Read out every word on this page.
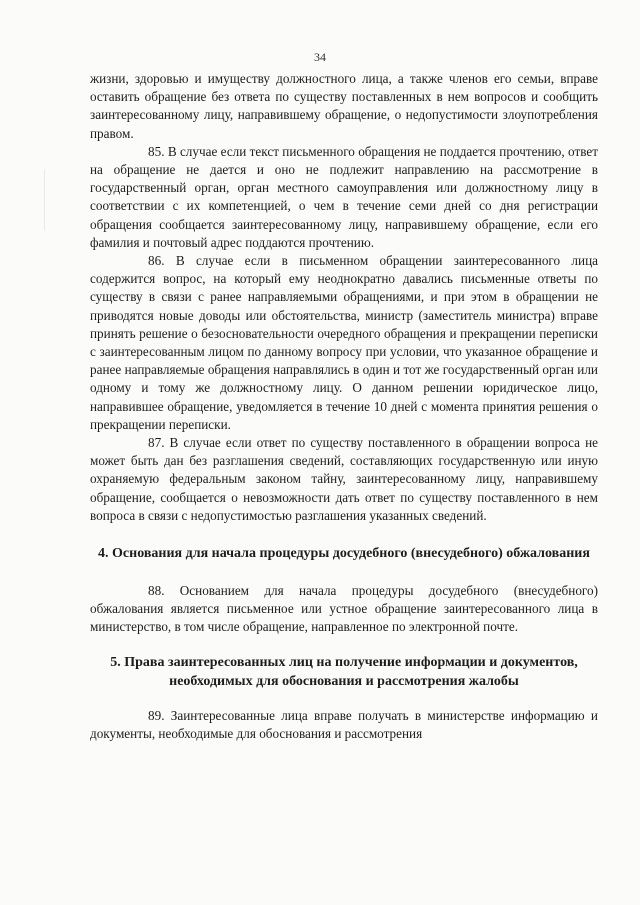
34

жизни, здоровью и имуществу должностного лица, а также членов его семьи, вправе оставить обращение без ответа по существу поставленных в нем вопросов и сообщить заинтересованному лицу, направившему обращение, о недопустимости злоупотребления правом.

85. В случае если текст письменного обращения не поддается прочтению, ответ на обращение не дается и оно не подлежит направлению на рассмотрение в государственный орган, орган местного самоуправления или должностному лицу в соответствии с их компетенцией, о чем в течение семи дней со дня регистрации обращения сообщается заинтересованному лицу, направившему обращение, если его фамилия и почтовый адрес поддаются прочтению.

86. В случае если в письменном обращении заинтересованного лица содержится вопрос, на который ему неоднократно давались письменные ответы по существу в связи с ранее направляемыми обращениями, и при этом в обращении не приводятся новые доводы или обстоятельства, министр (заместитель министра) вправе принять решение о безосновательности очередного обращения и прекращении переписки с заинтересованным лицом по данному вопросу при условии, что указанное обращение и ранее направляемые обращения направлялись в один и тот же государственный орган или одному и тому же должностному лицу. О данном решении юридическое лицо, направившее обращение, уведомляется в течение 10 дней с момента принятия решения о прекращении переписки.

87. В случае если ответ по существу поставленного в обращении вопроса не может быть дан без разглашения сведений, составляющих государственную или иную охраняемую федеральным законом тайну, заинтересованному лицу, направившему обращение, сообщается о невозможности дать ответ по существу поставленного в нем вопроса в связи с недопустимостью разглашения указанных сведений.

4. Основания для начала процедуры досудебного (внесудебного) обжалования

88. Основанием для начала процедуры досудебного (внесудебного) обжалования является письменное или устное обращение заинтересованного лица в министерство, в том числе обращение, направленное по электронной почте.

5. Права заинтересованных лиц на получение информации и документов, необходимых для обоснования и рассмотрения жалобы

89. Заинтересованные лица вправе получать в министерстве информацию и документы, необходимые для обоснования и рассмотрения
